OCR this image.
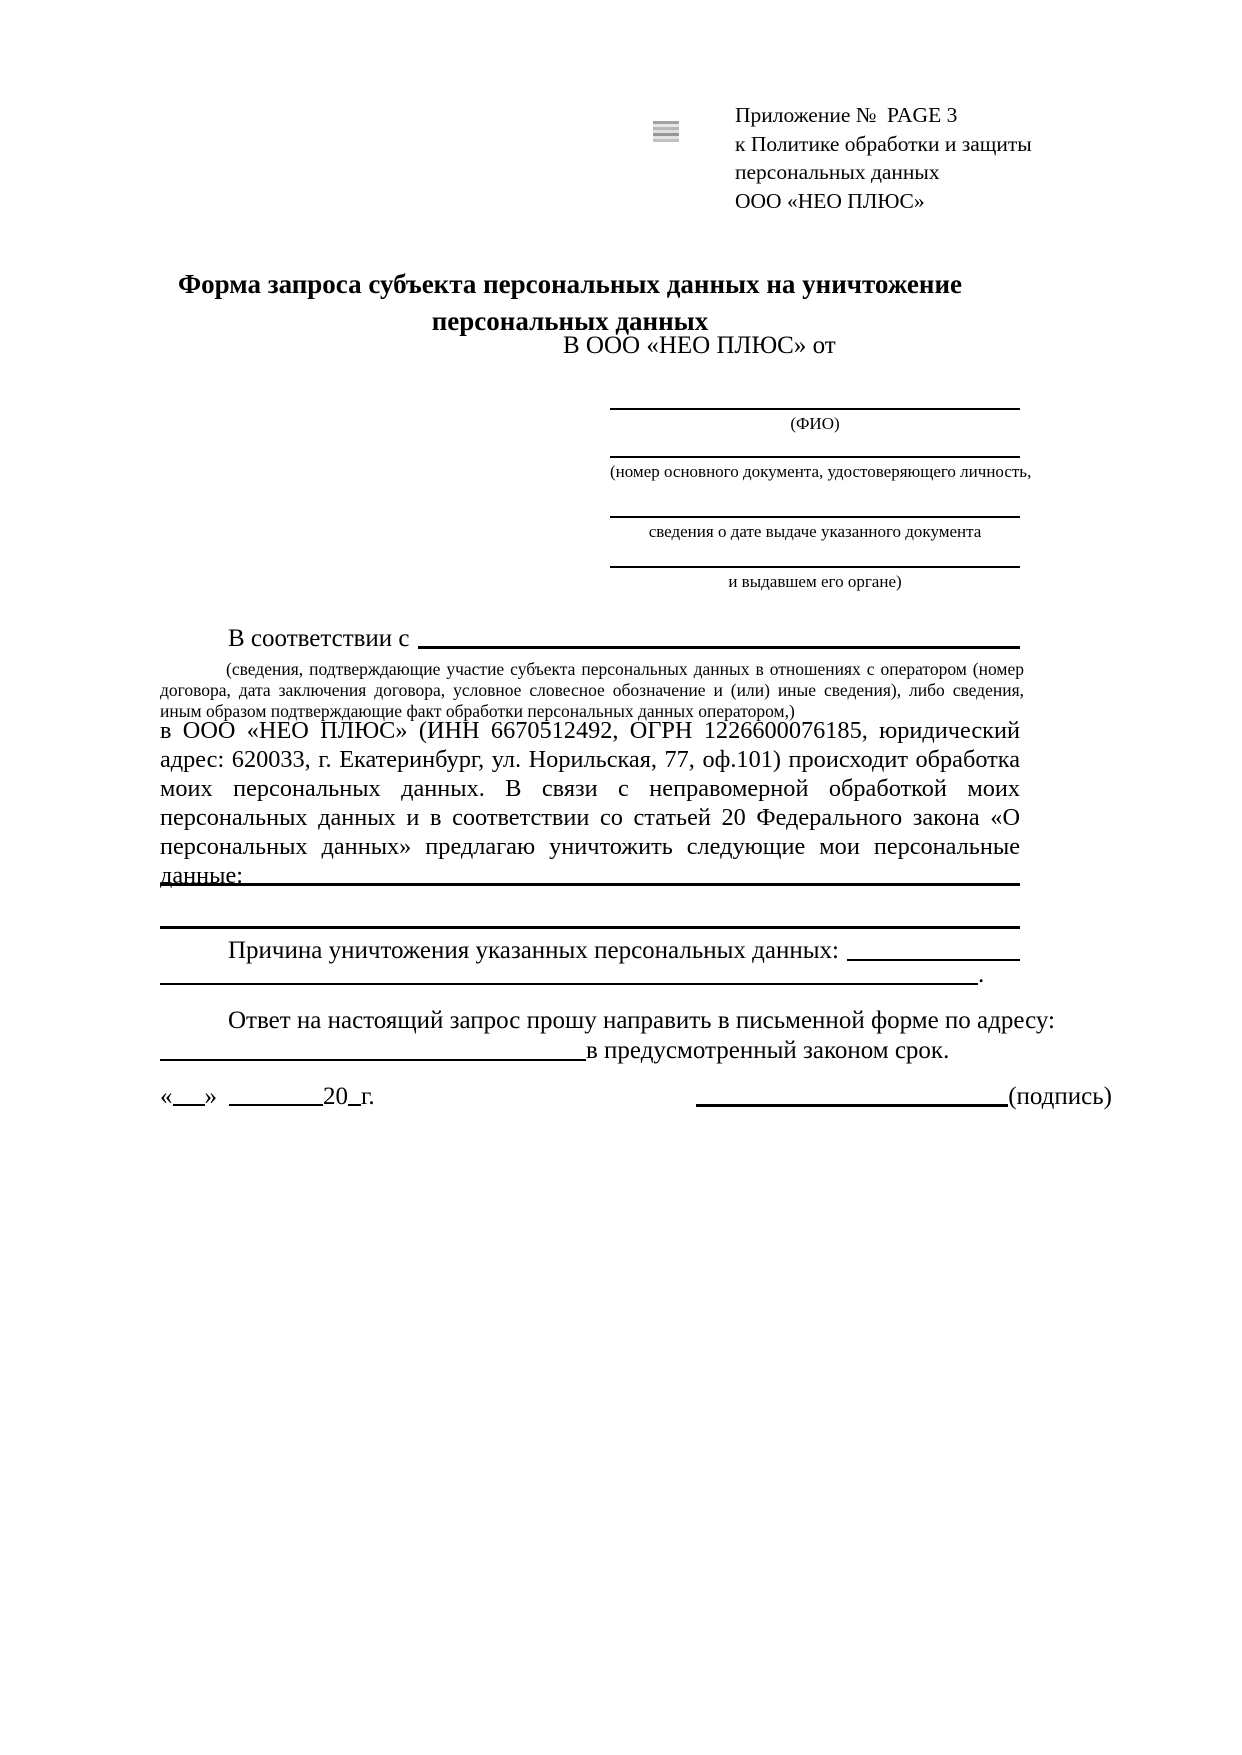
Приложение №  PAGE 3
к Политике обработки и защиты
персональных данных
ООО «НЕО ПЛЮС»
Форма запроса субъекта персональных данных на уничтожение
персональных данных
В ООО «НЕО ПЛЮС» от
(ФИО)
(номер основного документа, удостоверяющего личность,
сведения о дате выдаче указанного документа
и выдавшем его органе)
В соответствии с
(сведения, подтверждающие участие субъекта персональных данных в отношениях с оператором (номер договора, дата заключения договора, условное словесное обозначение и (или) иные сведения), либо сведения, иным образом подтверждающие факт обработки персональных данных оператором,)
в ООО «НЕО ПЛЮС» (ИНН 6670512492, ОГРН 1226600076185, юридический адрес: 620033, г. Екатеринбург, ул. Норильская, 77, оф.101) происходит обработка моих персональных данных. В связи с неправомерной обработкой моих персональных данных и в соответствии со статьей 20 Федерального закона «О персональных данных» предлагаю уничтожить следующие мои персональные данные:
Причина уничтожения указанных персональных данных:
.
Ответ на настоящий запрос прошу направить в письменной форме по адресу:
в предусмотренный законом срок.
« »	20 г.	(подпись)
